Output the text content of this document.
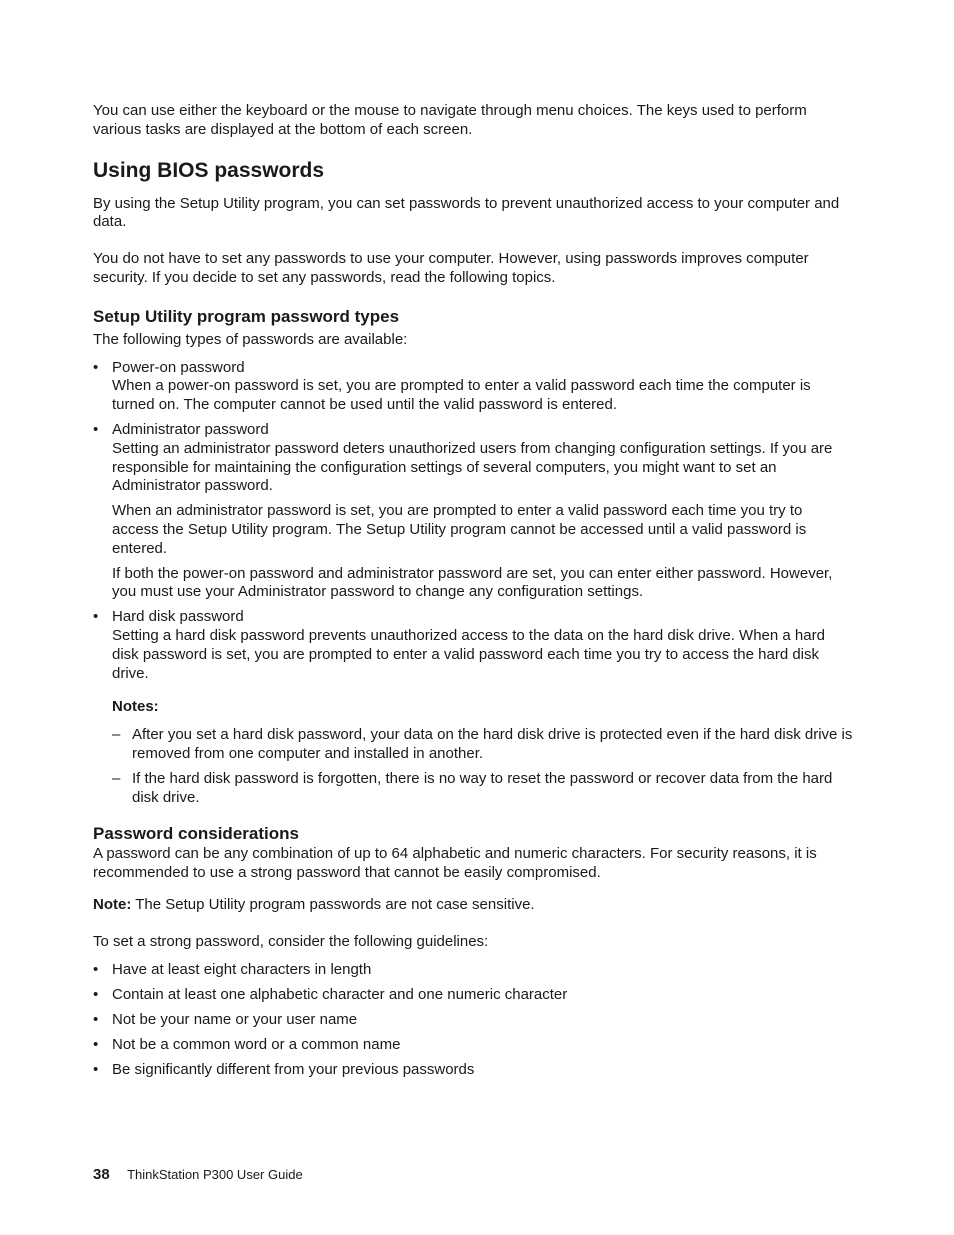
You can use either the keyboard or the mouse to navigate through menu choices. The keys used to perform various tasks are displayed at the bottom of each screen.

Using BIOS passwords

By using the Setup Utility program, you can set passwords to prevent unauthorized access to your computer and data.

You do not have to set any passwords to use your computer. However, using passwords improves computer security. If you decide to set any passwords, read the following topics.

Setup Utility program password types

The following types of passwords are available:

• Power-on password

When a power-on password is set, you are prompted to enter a valid password each time the computer is turned on. The computer cannot be used until the valid password is entered.

• Administrator password

Setting an administrator password deters unauthorized users from changing configuration settings. If you are responsible for maintaining the configuration settings of several computers, you might want to set an Administrator password.

When an administrator password is set, you are prompted to enter a valid password each time you try to access the Setup Utility program. The Setup Utility program cannot be accessed until a valid password is entered.

If both the power-on password and administrator password are set, you can enter either password. However, you must use your Administrator password to change any configuration settings.

• Hard disk password

Setting a hard disk password prevents unauthorized access to the data on the hard disk drive. When a hard disk password is set, you are prompted to enter a valid password each time you try to access the hard disk drive.

Notes:

– After you set a hard disk password, your data on the hard disk drive is protected even if the hard disk drive is removed from one computer and installed in another.

– If the hard disk password is forgotten, there is no way to reset the password or recover data from the hard disk drive.

Password considerations

A password can be any combination of up to 64 alphabetic and numeric characters. For security reasons, it is recommended to use a strong password that cannot be easily compromised.

Note: The Setup Utility program passwords are not case sensitive.

To set a strong password, consider the following guidelines:

• Have at least eight characters in length

• Contain at least one alphabetic character and one numeric character

• Not be your name or your user name

• Not be a common word or a common name

• Be significantly different from your previous passwords

38 ThinkStation P300 User Guide
